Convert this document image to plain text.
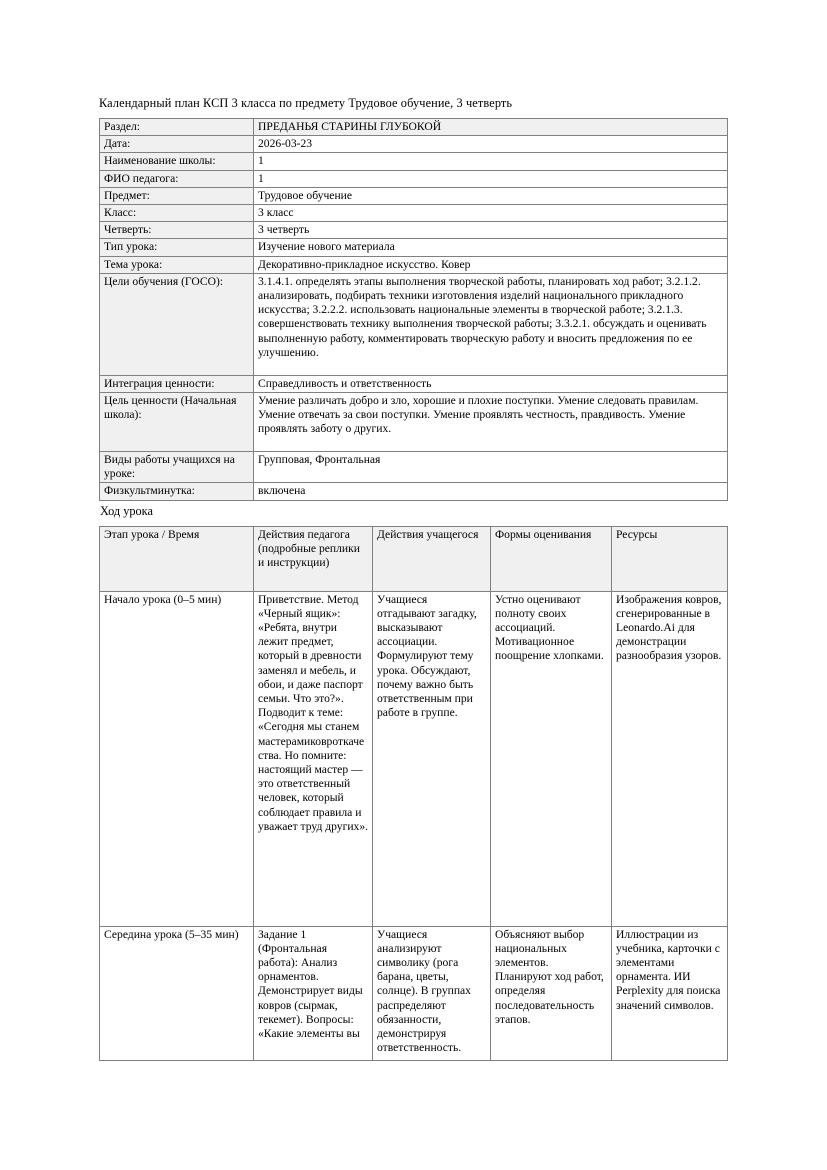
Календарный план КСП 3 класса по предмету Трудовое обучение, 3 четверть

Раздел:	ПРЕДАНЬЯ СТАРИНЫ ГЛУБОКОЙ
Дата:	2026-03-23
Наименование школы:	1
ФИО педагога:	1
Предмет:	Трудовое обучение
Класс:	3 класс
Четверть:	3 четверть
Тип урока:	Изучение нового материала
Тема урока:	Декоративно-прикладное искусство. Ковер
Цели обучения (ГОСО):	3.1.4.1. определять этапы выполнения творческой работы, планировать ход работ; 3.2.1.2. анализировать, подбирать техники изготовления изделий национального прикладного искусства; 3.2.2.2. использовать национальные элементы в творческой работе; 3.2.1.3. совершенствовать технику выполнения творческой работы; 3.3.2.1. обсуждать и оценивать выполненную работу, комментировать творческую работу и вносить предложения по ее улучшению.
Интеграция ценности:	Справедливость и ответственность
Цель ценности (Начальная школа):	Умение различать добро и зло, хорошие и плохие поступки. Умение следовать правилам. Умение отвечать за свои поступки. Умение проявлять честность, правдивость. Умение проявлять заботу о других.
Виды работы учащихся на уроке:	Групповая, Фронтальная
Физкультминутка:	включена

Ход урока

Этап урока / Время	Действия педагога (подробные реплики и инструкции)	Действия учащегося	Формы оценивания	Ресурсы
Начало урока (0–5 мин)	Приветствие. Метод «Черный ящик»: «Ребята, внутри лежит предмет, который в древности заменял и мебель, и обои, и даже паспорт семьи. Что это?». Подводит к теме: «Сегодня мы станем мастерамиковроткачества. Но помните: настоящий мастер — это ответственный человек, который соблюдает правила и уважает труд других».	Учащиеся отгадывают загадку, высказывают ассоциации. Формулируют тему урока. Обсуждают, почему важно быть ответственным при работе в группе.	Устно оценивают полноту своих ассоциаций. Мотивационное поощрение хлопками.	Изображения ковров, сгенерированные в Leonardo.Ai для демонстрации разнообразия узоров.
Середина урока (5–35 мин)	Задание 1 (Фронтальная работа): Анализ орнаментов. Демонстрирует виды ковров (сырмак, текемет). Вопросы: «Какие элементы вы	Учащиеся анализируют символику (рога барана, цветы, солнце). В группах распределяют обязанности, демонстрируя ответственность.	Объясняют выбор национальных элементов. Планируют ход работ, определяя последовательность этапов.	Иллюстрации из учебника, карточки с элементами орнамента. ИИ Perplexity для поиска значений символов.
